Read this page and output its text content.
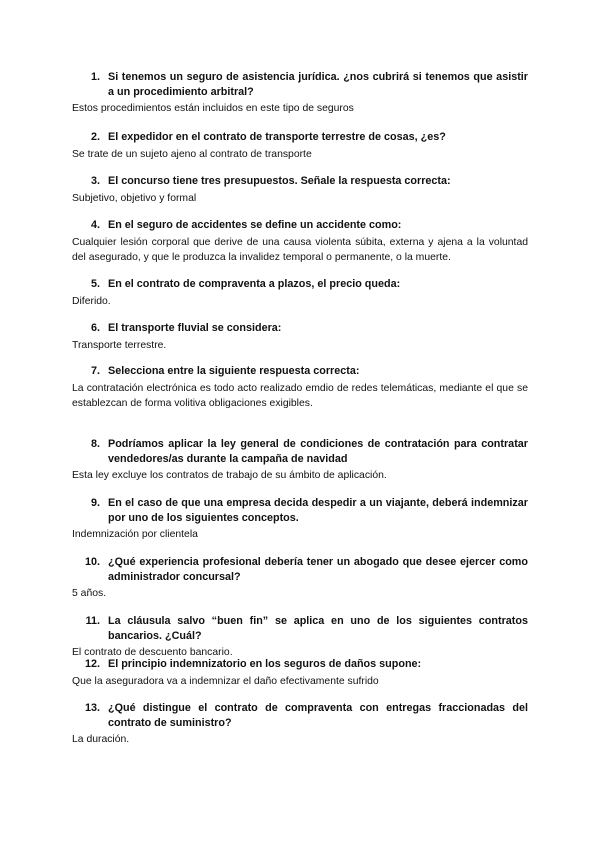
1. Si tenemos un seguro de asistencia jurídica. ¿nos cubrirá si tenemos que asistir a un procedimiento arbitral?
Estos procedimientos están incluidos en este tipo de seguros
2. El expedidor en el contrato de transporte terrestre de cosas, ¿es?
Se trate de un sujeto ajeno al contrato de transporte
3. El concurso tiene tres presupuestos. Señale la respuesta correcta:
Subjetivo, objetivo y formal
4. En el seguro de accidentes se define un accidente como:
Cualquier lesión corporal que derive de una causa violenta súbita, externa y ajena a la voluntad del asegurado, y que le produzca la invalidez temporal o permanente, o la muerte.
5. En el contrato de compraventa a plazos, el precio queda:
Diferido.
6. El transporte fluvial se considera:
Transporte terrestre.
7. Selecciona entre la siguiente respuesta correcta:
La contratación electrónica es todo acto realizado emdio de redes telemáticas, mediante el que se establezcan de forma volitiva obligaciones exigibles.
8. Podríamos aplicar la ley general de condiciones de contratación para contratar vendedores/as durante la campaña de navidad
Esta ley excluye los contratos de trabajo de su ámbito de aplicación.
9. En el caso de que una empresa decida despedir a un viajante, deberá indemnizar por uno de los siguientes conceptos.
Indemnización por clientela
10. ¿Qué experiencia profesional debería tener un abogado que desee ejercer como administrador concursal?
5 años.
11. La cláusula salvo “buen fin” se aplica en uno de los siguientes contratos bancarios. ¿Cuál?
El contrato de descuento bancario.
12. El principio indemnizatorio en los seguros de daños supone:
Que la aseguradora va a indemnizar el daño efectivamente sufrido
13. ¿Qué distingue el contrato de compraventa con entregas fraccionadas del contrato de suministro?
La duración.
